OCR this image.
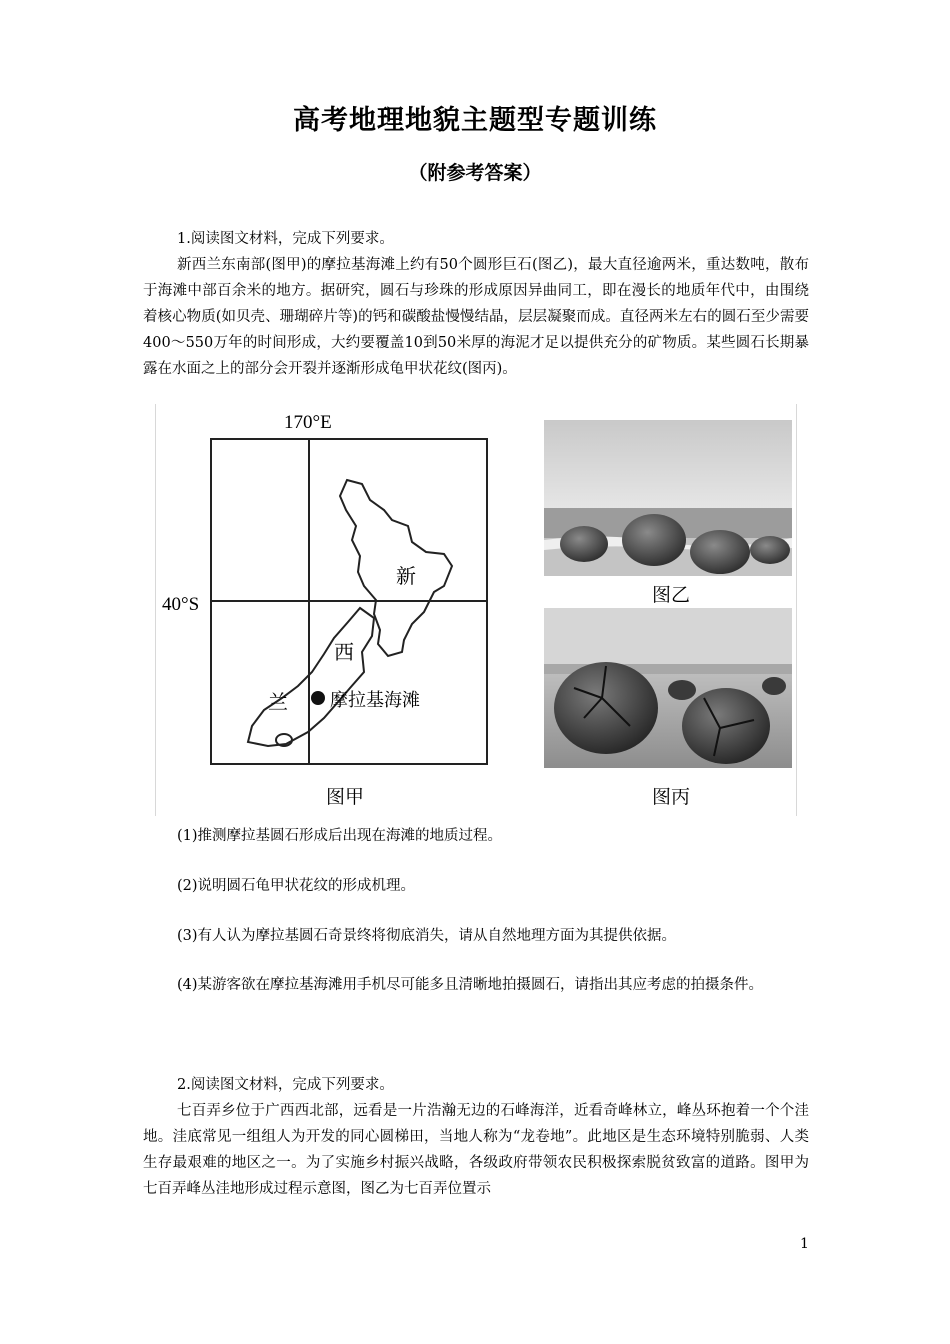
高考地理地貌主题型专题训练
（附参考答案）
1.阅读图文材料，完成下列要求。
新西兰东南部(图甲)的摩拉基海滩上约有50个圆形巨石(图乙)，最大直径逾两米，重达数吨，散布于海滩中部百余米的地方。据研究，圆石与珍珠的形成原因异曲同工，即在漫长的地质年代中，由围绕着核心物质(如贝壳、珊瑚碎片等)的钙和碳酸盐慢慢结晶，层层凝聚而成。直径两米左右的圆石至少需要400～550万年的时间形成，大约要覆盖10到50米厚的海泥才足以提供充分的矿物质。某些圆石长期暴露在水面之上的部分会开裂并逐渐形成龟甲状花纹(图丙)。
170°E
40°S
新
西
兰 摩拉基海滩
图甲
图乙
图丙
(1)推测摩拉基圆石形成后出现在海滩的地质过程。
(2)说明圆石龟甲状花纹的形成机理。
(3)有人认为摩拉基圆石奇景终将彻底消失，请从自然地理方面为其提供依据。
(4)某游客欲在摩拉基海滩用手机尽可能多且清晰地拍摄圆石，请指出其应考虑的拍摄条件。
2.阅读图文材料，完成下列要求。
七百弄乡位于广西西北部，远看是一片浩瀚无边的石峰海洋，近看奇峰林立，峰丛环抱着一个个洼地。洼底常见一组组人为开发的同心圆梯田，当地人称为“龙卷地”。此地区是生态环境特别脆弱、人类生存最艰难的地区之一。为了实施乡村振兴战略，各级政府带领农民积极探索脱贫致富的道路。图甲为七百弄峰丛洼地形成过程示意图，图乙为七百弄位置示
1
